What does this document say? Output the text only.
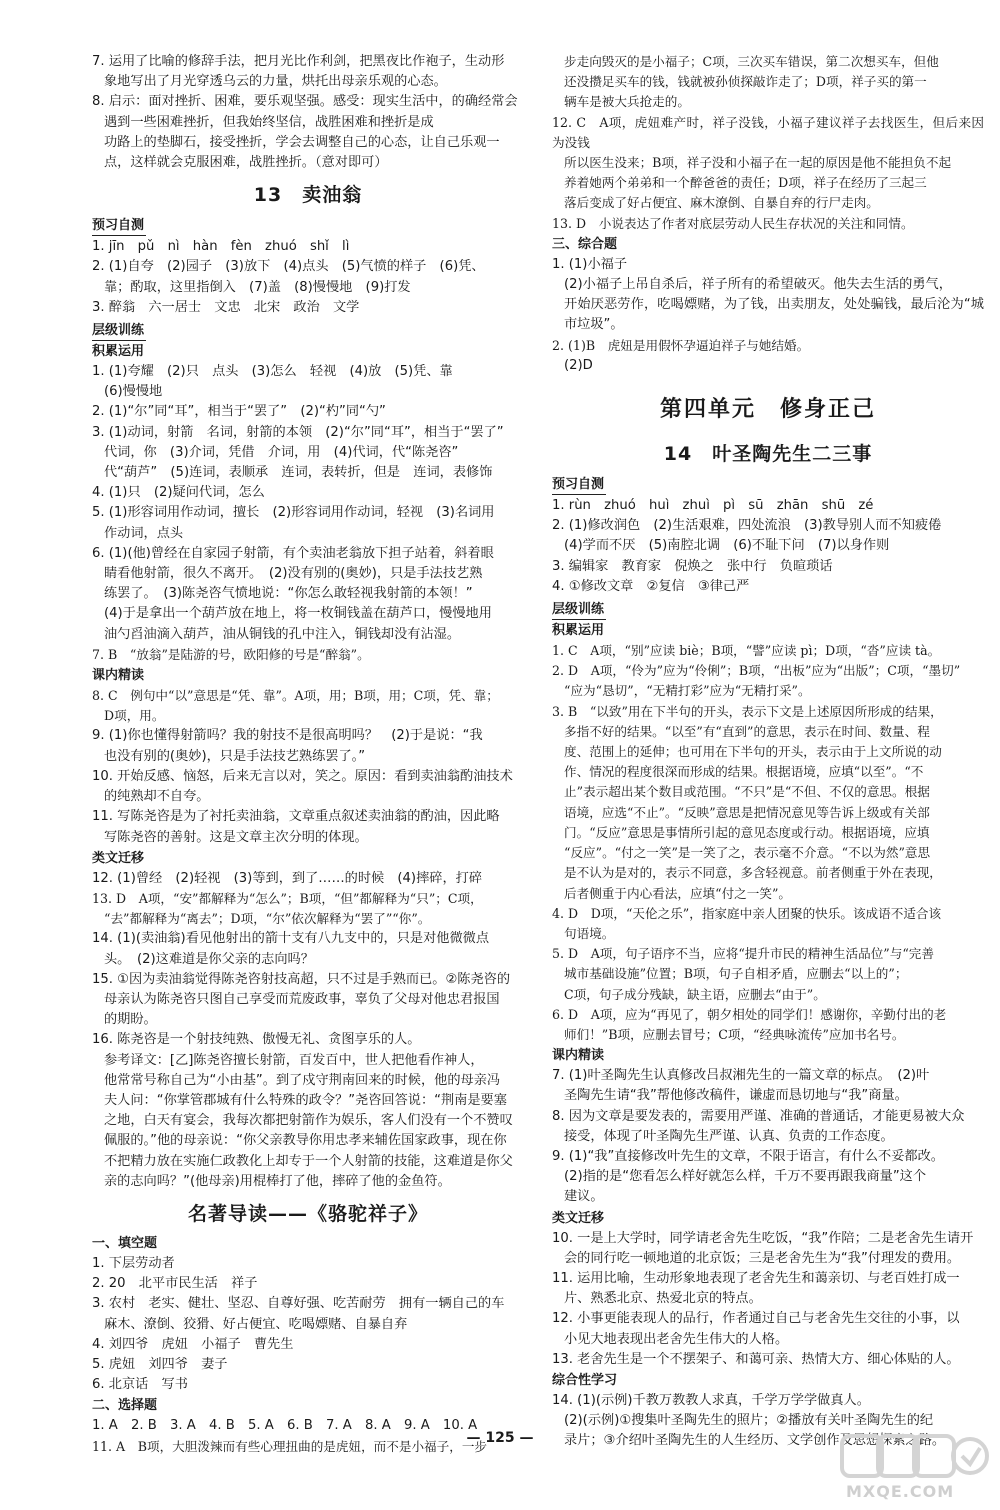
7. 运用了比喻的修辞手法，把月光比作利剑，把黑夜比作袍子，生动形

象地写出了月光穿透乌云的力量，烘托出母亲乐观的心态。

8. 启示：面对挫折、困难，要乐观坚强。感受：现实生活中，的确经常会

遇到一些困难挫折，但我始终坚信，战胜困难和挫折是成

功路上的垫脚石，接受挫折，学会去调整自己的心态，让自己乐观一

点，这样就会克服困难，战胜挫折。（意对即可）

13　卖油翁
预习自测

1. jīn　pǔ　nì　hàn　fèn　zhuó　shǐ　lì

2. (1)自夸　(2)园子　(3)放下　(4)点头　(5)气愤的样子　(6)凭、

靠；酌取，这里指倒入　(7)盖　(8)慢慢地　(9)打发

3. 醉翁　六一居士　文忠　北宋　政治　文学

层级训练
积累运用

1. (1)夸耀　(2)只　点头　(3)怎么　轻视　(4)放　(5)凭、靠

(6)慢慢地

2. (1)“尔”同“耳”，相当于“罢了”　(2)“杓”同“勺”

3. (1)动词，射箭　名词，射箭的本领　(2)“尔”同“耳”，相当于“罢了”

代词，你　(3)介词，凭借　介词，用　(4)代词，代“陈尧咨”

代“葫芦”　(5)连词，表顺承　连词，表转折，但是　连词，表修饰

4. (1)只　(2)疑问代词，怎么

5. (1)形容词用作动词，擅长　(2)形容词用作动词，轻视　(3)名词用

作动词，点头

6. (1)(他)曾经在自家园子射箭，有个卖油老翁放下担子站着，斜着眼

睛看他射箭，很久不离开。　(2)没有别的(奥妙)，只是手法技艺熟

练罢了。　(3)陈尧咨气愤地说：“你怎么敢轻视我射箭的本领！”

(4)于是拿出一个葫芦放在地上，将一枚铜钱盖在葫芦口，慢慢地用

油勺舀油滴入葫芦，油从铜钱的孔中注入，铜钱却没有沾湿。

7. B　“放翁”是陆游的号，欧阳修的号是“醉翁”。

课内精读

8. C　例句中“以”意思是“凭、靠”。A项，用；B项，用；C项，凭、靠；

D项，用。

9. (1)你也懂得射箭吗？我的射技不是很高明吗？　(2)于是说：“我

也没有别的(奥妙)，只是手法技艺熟练罢了。”

10. 开始反感、恼怒，后来无言以对，笑之。原因：看到卖油翁酌油技术

的纯熟却不自夸。

11. 写陈尧咨是为了衬托卖油翁，文章重点叙述卖油翁的酌油，因此略

写陈尧咨的善射。这是文章主次分明的体现。

类文迁移

12. (1)曾经　(2)轻视　(3)等到，到了……的时候　(4)摔碎，打碎

13. D　A项，“安”都解释为“怎么”；B项，“但”都解释为“只”；C项，

“去”都解释为“离去”；D项，“尔”依次解释为“罢了”“你”。

14. (1)(卖油翁)看见他射出的箭十支有八九支中的，只是对他微微点

头。　(2)这难道是你父亲的志向吗？

15. ①因为卖油翁觉得陈尧咨射技高超，只不过是手熟而已。②陈尧咨的

母亲认为陈尧咨只图自己享受而荒废政事，辜负了父母对他忠君报国

的期盼。

16. 陈尧咨是一个射技纯熟、傲慢无礼、贪图享乐的人。

参考译文：[乙]陈尧咨擅长射箭，百发百中，世人把他看作神人，

他常常号称自己为“小由基”。到了戍守荆南回来的时候，他的母亲冯

夫人问：“你掌管郡城有什么特殊的政令？”尧咨回答说：“荆南是要塞

之地，白天有宴会，我每次都把射箭作为娱乐，客人们没有一个不赞叹

佩服的。”他的母亲说：“你父亲教导你用忠孝来辅佐国家政事，现在你

不把精力放在实施仁政教化上却专于一个人射箭的技能，这难道是你父

亲的志向吗？”(他母亲)用棍棒打了他，摔碎了他的金鱼符。

名著导读——《骆驼祥子》
一、填空题

1. 下层劳动者

2. 20　北平市民生活　祥子

3. 农村　老实、健壮、坚忍、自尊好强、吃苦耐劳　拥有一辆自己的车

麻木、潦倒、狡猾、好占便宜、吃喝嫖赌、自暴自弃

4. 刘四爷　虎妞　小福子　曹先生

5. 虎妞　刘四爷　妻子

6. 北京话　写书

二、选择题

1. A　2. B　3. A　4. B　5. A　6. B　7. A　8. A　9. A　10. A

11. A　B项，大胆泼辣而有些心理扭曲的是虎妞，而不是小福子，一步

步走向毁灭的是小福子；C项，三次买车错误，第二次想买车，但他

还没攒足买车的钱，钱就被孙侦探敲诈走了；D项，祥子买的第一

辆车是被大兵抢走的。

12. C　A项，虎妞难产时，祥子没钱，小福子建议祥子去找医生，但后来因为没钱

所以医生没来；B项，祥子没和小福子在一起的原因是他不能担负不起

养着她两个弟弟和一个醉爸爸的责任；D项，祥子在经历了三起三

落后变成了好占便宜、麻木潦倒、自暴自弃的行尸走肉。

13. D　小说表达了作者对底层劳动人民生存状况的关注和同情。

三、综合题

1. (1)小福子

(2)小福子上吊自杀后，祥子所有的希望破灭。他失去生活的勇气，

开始厌恶劳作，吃喝嫖赌，为了钱，出卖朋友，处处骗钱，最后沦为“城市垃圾”。

2. (1)B　虎妞是用假怀孕逼迫祥子与她结婚。

(2)D

第四单元　修身正己
14　叶圣陶先生二三事
预习自测

1. rùn　zhuó　huì　zhuì　pì　sū　zhān　shū　zé

2. (1)修改润色　(2)生活艰难，四处流浪　(3)教导别人而不知疲倦

(4)学而不厌　(5)南腔北调　(6)不耻下问　(7)以身作则

3. 编辑家　教育家　倪焕之　张中行　负暄琐话

4. ①修改文章　②复信　③律己严

层级训练
积累运用

1. C　A项，“别”应读 biè；B项，“譬”应读 pì；D项，“沓”应读 tà。

2. D　A项，“伶为”应为“伶俐”；B项，“出板”应为“出版”；C项，“墨切”

“应为“恳切”，“无精打彩”应为“无精打采”。

3. B　“以致”用在下半句的开头，表示下文是上述原因所形成的结果，

多指不好的结果。“以至”有“直到”的意思，表示在时间、数量、程

度、范围上的延伸；也可用在下半句的开头，表示由于上文所说的动

作、情况的程度很深而形成的结果。根据语境，应填“以至”。“不

止”表示超出某个数目或范围。“不只”是“不但、不仅的意思。根据

语境，应选“不止”。“反映”意思是把情况意见等告诉上级或有关部

门。“反应”意思是事情所引起的意见态度或行动。根据语境，应填

“反应”。“付之一笑”是一笑了之，表示毫不介意。“不以为然”意思

是不认为是对的，表示不同意，多含轻视意。前者侧重于外在表现，

后者侧重于内心看法，应填“付之一笑”。

4. D　D项，“天伦之乐”，指家庭中亲人团聚的快乐。该成语不适合该

句语境。

5. D　A项，句子语序不当，应将“提升市民的精神生活品位”与“完善

城市基础设施”位置；B项，句子自相矛盾，应删去“以上的”；

C项，句子成分残缺，缺主语，应删去“由于”。

6. D　A项，应为“再见了，朝夕相处的同学们！感谢你，辛勤付出的老

师们！”B项，应删去冒号；C项，“经典咏流传”应加书名号。

课内精读

7. (1)叶圣陶先生认真修改吕叔湘先生的一篇文章的标点。　(2)叶

圣陶先生请“我”帮他修改稿件，谦虚而恳切地与“我”商量。

8. 因为文章是要发表的，需要用严谨、准确的普通话，才能更易被大众

接受，体现了叶圣陶先生严谨、认真、负责的工作态度。

9. (1)“我”直接修改叶先生的文章，不限于语言，有什么不妥都改。

(2)指的是“您看怎么样好就怎么样，千万不要再跟我商量”这个

建议。

类文迁移

10. 一是上大学时，同学请老舍先生吃饭，“我”作陪；二是老舍先生请开

会的同行吃一顿地道的北京饭；三是老舍先生为“我”付理发的费用。

11. 运用比喻，生动形象地表现了老舍先生和蔼亲切、与老百姓打成一

片、熟悉北京、热爱北京的特点。

12. 小事更能表现人的品行，作者通过自己与老舍先生交往的小事，以

小见大地表现出老舍先生伟大的人格。

13. 老舍先生是一个不摆架子、和蔼可亲、热情大方、细心体贴的人。

综合性学习

14. (1)(示例)千教万教教人求真，千学万学学做真人。

(2)(示例)①搜集叶圣陶先生的照片；②播放有关叶圣陶先生的纪

录片；③介绍叶圣陶先生的人生经历、文学创作及思想探索之路。

— 125 —
MXQE.COM
